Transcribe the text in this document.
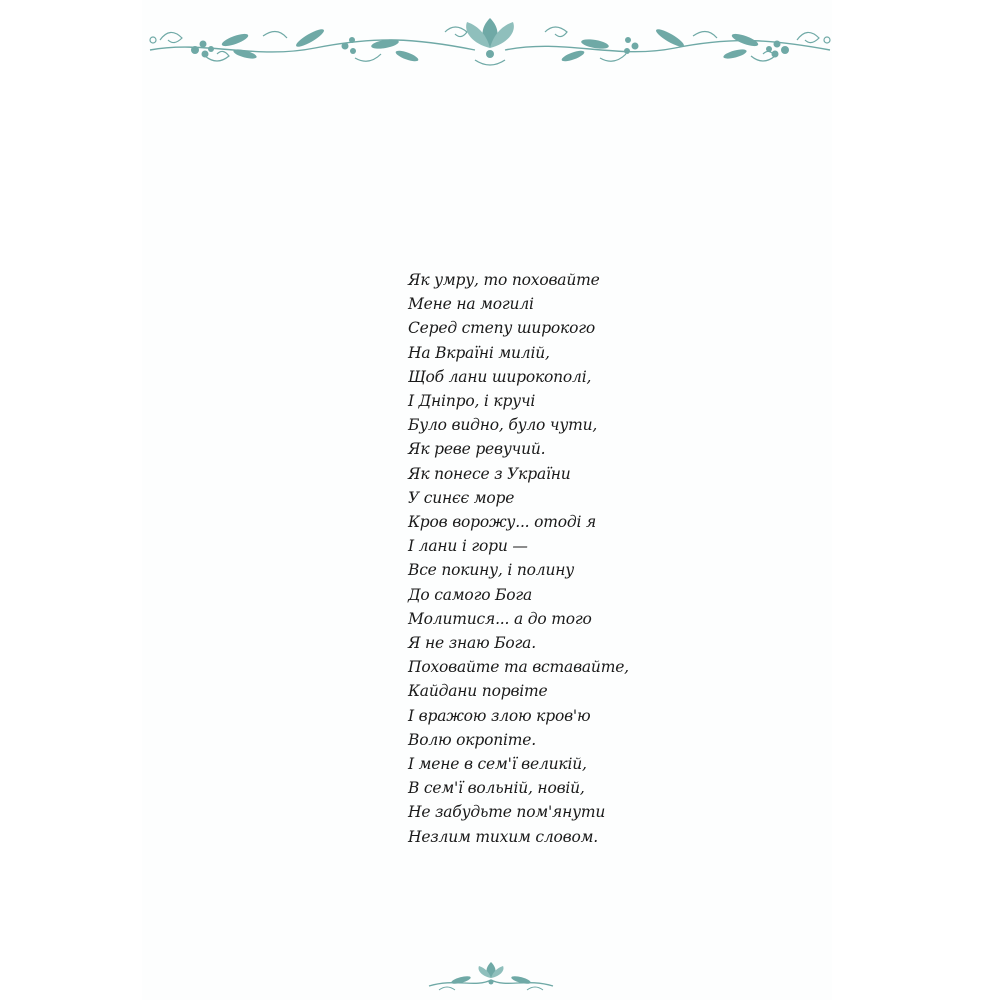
Як умру, то поховайте
Мене на могилі
Серед степу широкого
На Вкраїні милій,
Щоб лани широкополі,
І Дніпро, і кручі
Було видно, було чути,
Як реве ревучий.
Як понесе з України
У синєє море
Кров ворожу... отоді я
І лани і гори —
Все покину, і полину
До самого Бога
Молитися... а до того
Я не знаю Бога.
Поховайте та вставайте,
Кайдани порвіте
І вражою злою кров'ю
Волю окропіте.
І мене в сем'ї великій,
В сем'ї вольній, новій,
Не забудьте пом'янути
Незлим тихим словом.
